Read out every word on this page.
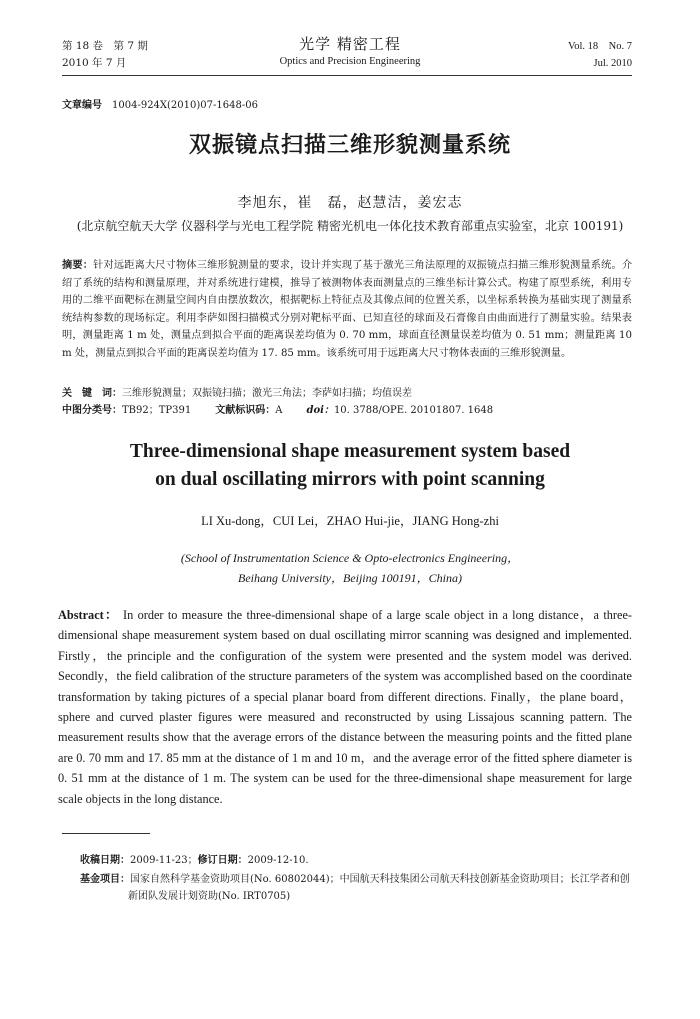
第 18 卷　第 7 期
2010 年 7 月
光学 精密工程
Optics and Precision Engineering
Vol. 18　No. 7
Jul. 2010
文章编号 1004-924X(2010)07-1648-06
双振镜点扫描三维形貌测量系统
李旭东，崔　磊，赵慧洁，姜宏志
(北京航空航天大学 仪器科学与光电工程学院 精密光机电一体化技术教育部重点实验室，北京 100191)
摘要：针对远距离大尺寸物体三维形貌测量的要求，设计并实现了基于激光三角法原理的双振镜点扫描三维形貌测量系统。介绍了系统的结构和测量原理，并对系统进行建模，推导了被测物体表面测量点的三维坐标计算公式。构建了原型系统，利用专用的二维平面靶标在测量空间内自由摆放数次，根据靶标上特征点及其像点间的位置关系，以坐标系转换为基础实现了测量系统结构参数的现场标定。利用李萨如图扫描模式分别对靶标平面、已知直径的球面及石膏像自由曲面进行了测量实验。结果表明，测量距离 1 m 处，测量点到拟合平面的距离误差均值为 0. 70 mm，球面直径测量误差均值为 0. 51 mm；测量距离 10 m 处，测量点到拟合平面的距离误差均值为 17. 85 mm。该系统可用于远距离大尺寸物体表面的三维形貌测量。
关　键　词：三维形貌测量；双振镜扫描；激光三角法；李萨如扫描；均值误差
中图分类号：TB92；TP391 文献标识码：A doi：10. 3788/OPE. 20101807. 1648
Three-dimensional shape measurement system based
on dual oscillating mirrors with point scanning
LI Xu-dong，CUI Lei，ZHAO Hui-jie，JIANG Hong-zhi
(School of Instrumentation Science & Opto-electronics Engineering，
Beihang University，Beijing 100191，China)
Abstract： In order to measure the three-dimensional shape of a large scale object in a long distance，a three-dimensional shape measurement system based on dual oscillating mirror scanning was designed and implemented. Firstly，the principle and the configuration of the system were presented and the system model was derived. Secondly，the field calibration of the structure parameters of the system was accomplished based on the coordinate transformation by taking pictures of a special planar board from different directions. Finally，the plane board，sphere and curved plaster figures were measured and reconstructed by using Lissajous scanning pattern. The measurement results show that the average errors of the distance between the measuring points and the fitted plane are 0. 70 mm and 17. 85 mm at the distance of 1 m and 10 m，and the average error of the fitted sphere diameter is 0. 51 mm at the distance of 1 m. The system can be used for the three-dimensional shape measurement for large scale objects in the long distance.
收稿日期：2009-11-23；修订日期：2009-12-10.
基金项目：国家自然科学基金资助项目(No. 60802044)；中国航天科技集团公司航天科技创新基金资助项目；长江学者和创新团队发展计划资助(No. IRT0705)
